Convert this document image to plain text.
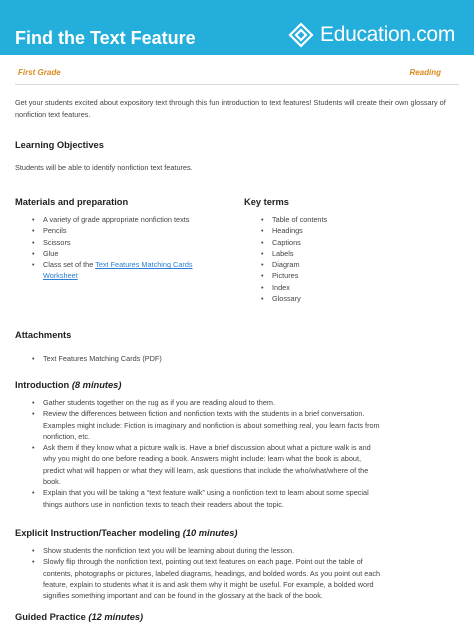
Find the Text Feature	Education.com
First Grade	Reading
Get your students excited about expository text through this fun introduction to text features! Students will create their own glossary of nonfiction text features.
Learning Objectives

Students will be able to identify nonfiction text features.

Materials and preparation
• A variety of grade appropriate nonfiction texts
• Pencils
• Scissors
• Glue
• Class set of the Text Features Matching Cards
Worksheet
Key terms
• Table of contents
• Headings
• Captions
• Labels
• Diagram
• Pictures
• Index
• Glossary
Attachments
• Text Features Matching Cards (PDF)
Introduction (8 minutes)
• Gather students together on the rug as if you are reading aloud to them.
• Review the differences between fiction and nonfiction texts with the students in a brief conversation.
Examples might include: Fiction is imaginary and nonfiction is about something real, you learn facts from
nonfiction, etc.
• Ask them if they know what a picture walk is. Have a brief discussion about what a picture walk is and
why you might do one before reading a book. Answers might include: learn what the book is about,
predict what will happen or what they will learn, ask questions that include the who/what/where of the
book.
• Explain that you will be taking a “text feature walk” using a nonfiction text to learn about some special
things authors use in nonfiction texts to teach their readers about the topic.
Explicit Instruction/Teacher modeling (10 minutes)
• Show students the nonfiction text you will be learning about during the lesson.
• Slowly flip through the nonfiction text, pointing out text features on each page. Point out the table of
contents, photographs or pictures, labeled diagrams, headings, and bolded words. As you point out each
feature, explain to students what it is and ask them why it might be useful. For example, a bolded word
signifies something important and can be found in the glossary at the back of the book.
Guided Practice (12 minutes)
